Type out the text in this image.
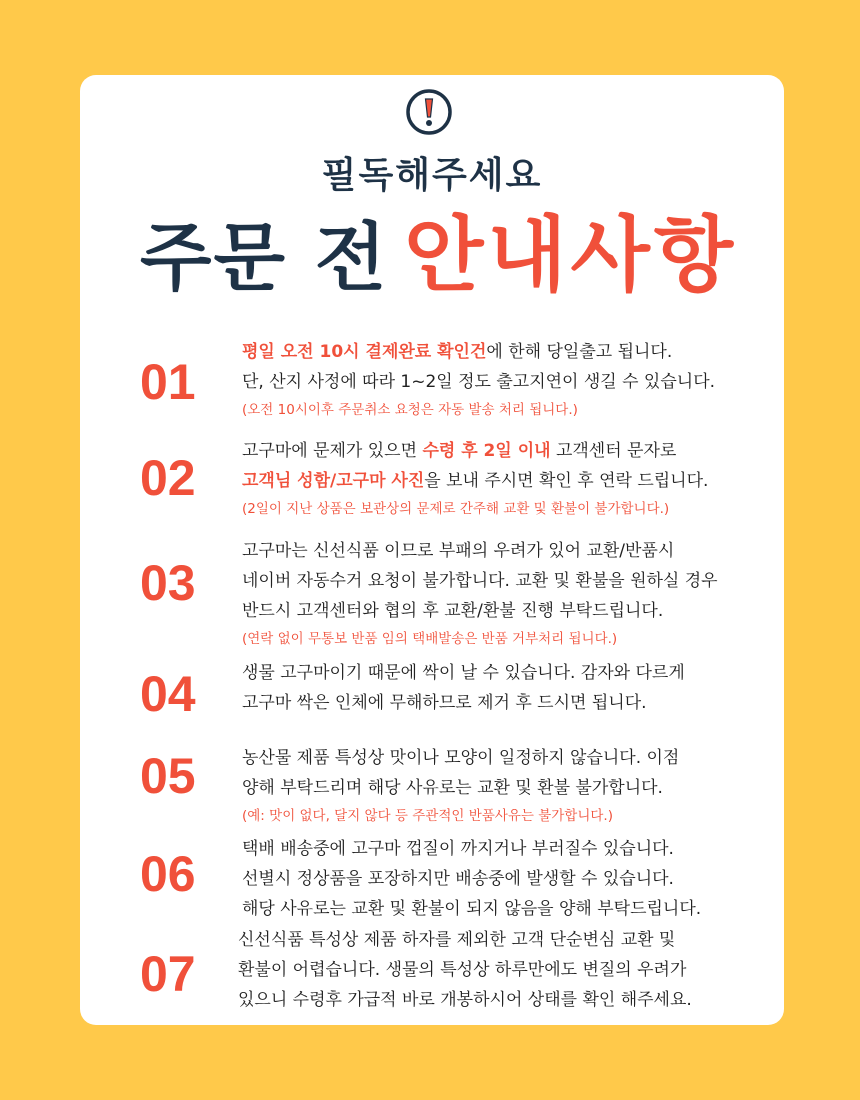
필독해주세요
주문 전 안내사항
01
평일 오전 10시 결제완료 확인건에 한해 당일출고 됩니다.
단, 산지 사정에 따라 1~2일 정도 출고지연이 생길 수 있습니다.
(오전 10시이후 주문취소 요청은 자동 발송 처리 됩니다.)
02	고구마에 문제가 있으면 수령 후 2일 이내 고객센터 문자로
고객님 성함/고구마 사진을 보내 주시면 확인 후 연락 드립니다.
(2일이 지난 상품은 보관상의 문제로 간주해 교환 및 환불이 불가합니다.)
03
고구마는 신선식품 이므로 부패의 우려가 있어 교환/반품시
네이버 자동수거 요청이 불가합니다. 교환 및 환불을 원하실 경우
반드시 고객센터와 협의 후 교환/환불 진행 부탁드립니다.
(연락 없이 무통보 반품 임의 택배발송은 반품 거부처리 됩니다.)
04	생물 고구마이기 때문에 싹이 날 수 있습니다. 감자와 다르게
고구마 싹은 인체에 무해하므로 제거 후 드시면 됩니다.
05	농산물 제품 특성상 맛이나 모양이 일정하지 않습니다. 이점
양해 부탁드리며 해당 사유로는 교환 및 환불 불가합니다.
(예: 맛이 없다, 달지 않다 등 주관적인 반품사유는 불가합니다.)
06	택배 배송중에 고구마 껍질이 까지거나 부러질수 있습니다.
선별시 정상품을 포장하지만 배송중에 발생할 수 있습니다.
해당 사유로는 교환 및 환불이 되지 않음을 양해 부탁드립니다.
07
신선식품 특성상 제품 하자를 제외한 고객 단순변심 교환 및
환불이 어렵습니다. 생물의 특성상 하루만에도 변질의 우려가
있으니 수령후 가급적 바로 개봉하시어 상태를 확인 해주세요.
